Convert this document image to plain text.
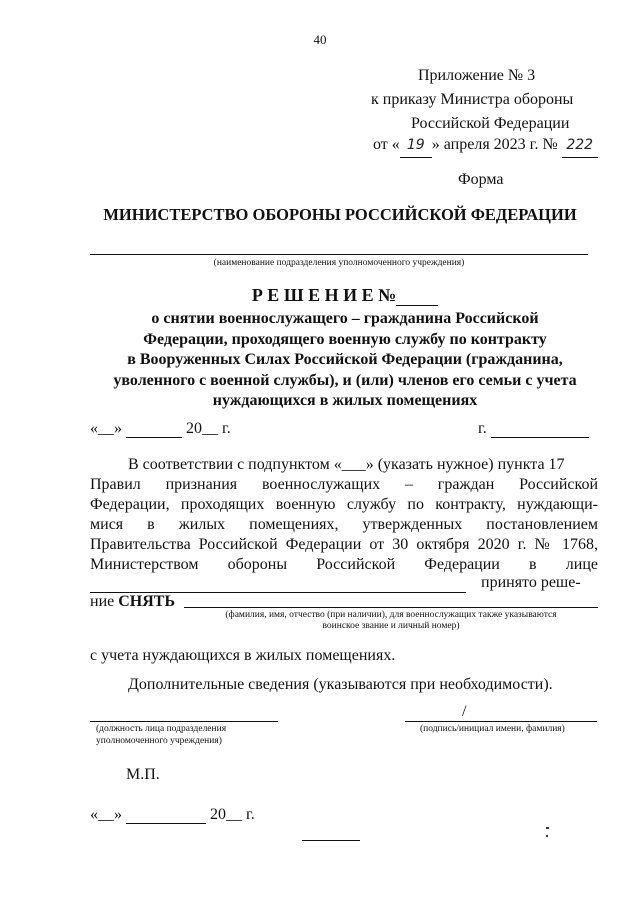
40
Приложение № 3
к приказу Министра обороны
Российской Федерации
от « 19 » апреля 2023 г. № 222
Форма
МИНИСТЕРСТВО ОБОРОНЫ РОССИЙСКОЙ ФЕДЕРАЦИИ
(наименование подразделения уполномоченного учреждения)
Р Е Ш Е Н И Е №
о снятии военнослужащего – гражданина Российской
Федерации, проходящего военную службу по контракту
в Вооруженных Силах Российской Федерации (гражданина,
уволенного с военной службы), и (или) членов его семьи с учета
нуждающихся в жилых помещениях
«__»	20__ г.	г.
В соответствии с подпунктом «___» (указать нужное) пункта 17
Правил признания военнослужащих – граждан Российской
Федерации, проходящих военную службу по контракту, нуждающи-
мися в жилых помещениях, утвержденных постановлением
Правительства Российской Федерации от 30 октября 2020 г. № 1768,
Министерством обороны Российской Федерации в лице
принято реше-
ние СНЯТЬ
(фамилия, имя, отчество (при наличии), для военнослужащих также указываются
воинское звание и личный номер)
с учета нуждающихся в жилых помещениях.
Дополнительные сведения (указываются при необходимости).
(должность лица подразделения
уполномоченного учреждения)
/
(подпись/инициал имени, фамилия)
М.П.
«__»	20__ г.
